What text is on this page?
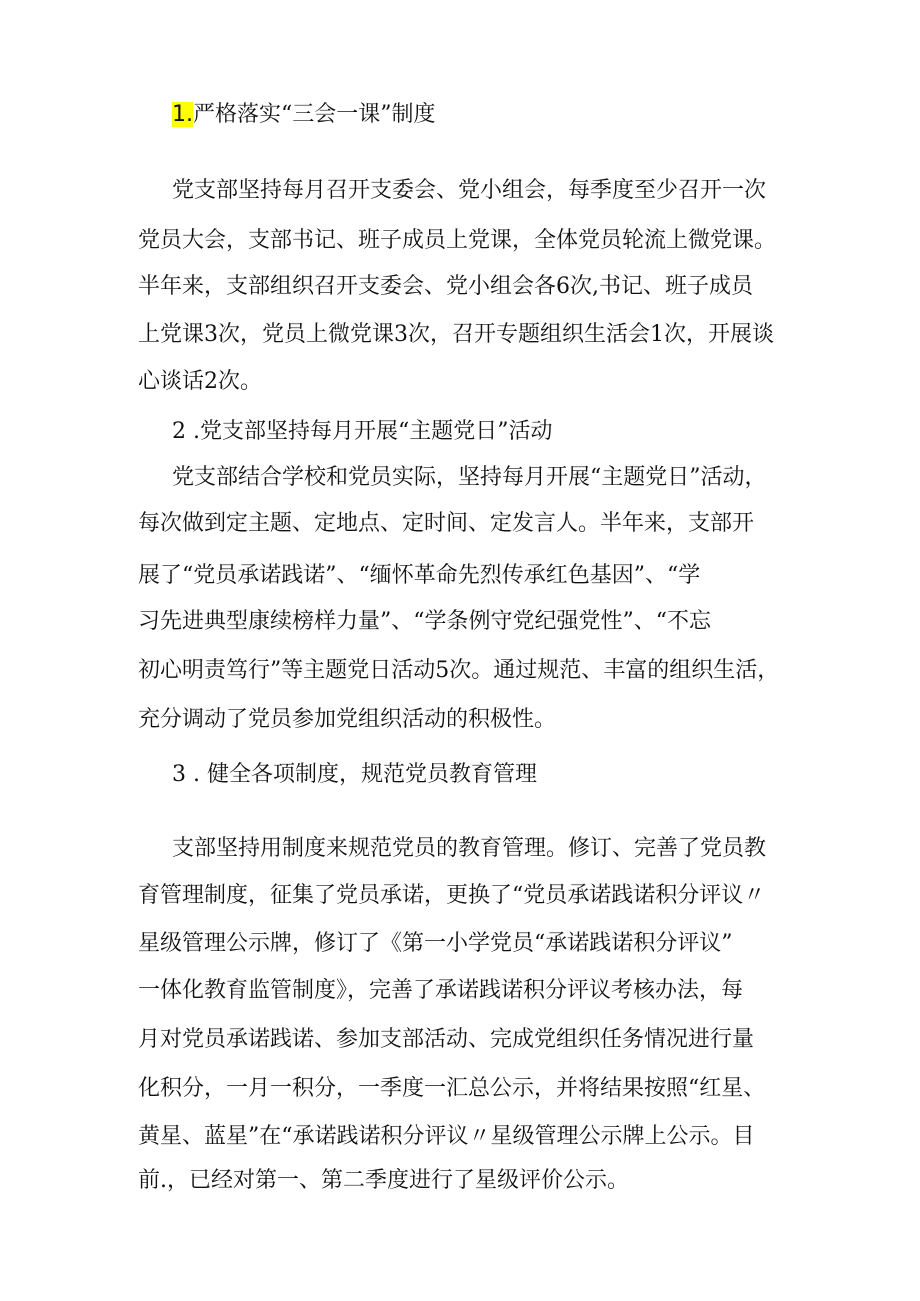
1.严格落实“三会一课”制度
党支部坚持每月召开支委会、党小组会，每季度至少召开一次
党员大会，支部书记、班子成员上党课，全体党员轮流上微党课。
半年来，支部组织召开支委会、党小组会各6次,书记、班子成员
上党课3次，党员上微党课3次，召开专题组织生活会1次，开展谈
心谈话2次。
2 .党支部坚持每月开展“主题党日”活动
党支部结合学校和党员实际，坚持每月开展“主题党日”活动，
每次做到定主题、定地点、定时间、定发言人。半年来，支部开
展了“党员承诺践诺”、“缅怀革命先烈传承红色基因”、“学
习先进典型康续榜样力量”、“学条例守党纪强党性”、“不忘
初心明责笃行”等主题党日活动5次。通过规范、丰富的组织生活，
充分调动了党员参加党组织活动的积极性。
3 . 健全各项制度，规范党员教育管理
支部坚持用制度来规范党员的教育管理。修订、完善了党员教
育管理制度，征集了党员承诺，更换了“党员承诺践诺积分评议〃
星级管理公示牌，修订了《第一小学党员“承诺践诺积分评议”
一体化教育监管制度》，完善了承诺践诺积分评议考核办法，每
月对党员承诺践诺、参加支部活动、完成党组织任务情况进行量
化积分，一月一积分，一季度一汇总公示，并将结果按照“红星、
黄星、蓝星”在“承诺践诺积分评议〃星级管理公示牌上公示。目
前.，已经对第一、第二季度进行了星级评价公示。
